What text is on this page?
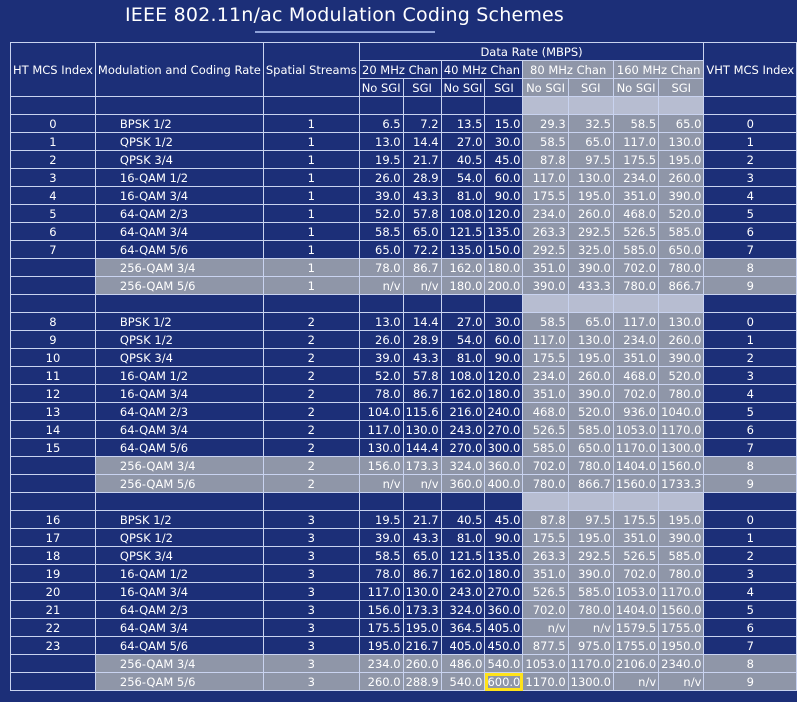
IEEE 802.11n/ac Modulation Coding Schemes
HT MCS Index	Modulation and Coding Rate	Spatial Streams	Data Rate (MBPS)								VHT MCS Index
			20 MHz Chan		40 MHz Chan		80 MHz Chan		160 MHz Chan		
			No SGI	SGI	No SGI	SGI	No SGI	SGI	No SGI	SGI	

0	BPSK 1/2	1	6.5	7.2	13.5	15.0	29.3	32.5	58.5	65.0	0
1	QPSK 1/2	1	13.0	14.4	27.0	30.0	58.5	65.0	117.0	130.0	1
2	QPSK 3/4	1	19.5	21.7	40.5	45.0	87.8	97.5	175.5	195.0	2
3	16-QAM 1/2	1	26.0	28.9	54.0	60.0	117.0	130.0	234.0	260.0	3
4	16-QAM 3/4	1	39.0	43.3	81.0	90.0	175.5	195.0	351.0	390.0	4
5	64-QAM 2/3	1	52.0	57.8	108.0	120.0	234.0	260.0	468.0	520.0	5
6	64-QAM 3/4	1	58.5	65.0	121.5	135.0	263.3	292.5	526.5	585.0	6
7	64-QAM 5/6	1	65.0	72.2	135.0	150.0	292.5	325.0	585.0	650.0	7
	256-QAM 3/4	1	78.0	86.7	162.0	180.0	351.0	390.0	702.0	780.0	8
	256-QAM 5/6	1	n/v	n/v	180.0	200.0	390.0	433.3	780.0	866.7	9

8	BPSK 1/2	2	13.0	14.4	27.0	30.0	58.5	65.0	117.0	130.0	0
9	QPSK 1/2	2	26.0	28.9	54.0	60.0	117.0	130.0	234.0	260.0	1
10	QPSK 3/4	2	39.0	43.3	81.0	90.0	175.5	195.0	351.0	390.0	2
11	16-QAM 1/2	2	52.0	57.8	108.0	120.0	234.0	260.0	468.0	520.0	3
12	16-QAM 3/4	2	78.0	86.7	162.0	180.0	351.0	390.0	702.0	780.0	4
13	64-QAM 2/3	2	104.0	115.6	216.0	240.0	468.0	520.0	936.0	1040.0	5
14	64-QAM 3/4	2	117.0	130.0	243.0	270.0	526.5	585.0	1053.0	1170.0	6
15	64-QAM 5/6	2	130.0	144.4	270.0	300.0	585.0	650.0	1170.0	1300.0	7
	256-QAM 3/4	2	156.0	173.3	324.0	360.0	702.0	780.0	1404.0	1560.0	8
	256-QAM 5/6	2	n/v	n/v	360.0	400.0	780.0	866.7	1560.0	1733.3	9

16	BPSK 1/2	3	19.5	21.7	40.5	45.0	87.8	97.5	175.5	195.0	0
17	QPSK 1/2	3	39.0	43.3	81.0	90.0	175.5	195.0	351.0	390.0	1
18	QPSK 3/4	3	58.5	65.0	121.5	135.0	263.3	292.5	526.5	585.0	2
19	16-QAM 1/2	3	78.0	86.7	162.0	180.0	351.0	390.0	702.0	780.0	3
20	16-QAM 3/4	3	117.0	130.0	243.0	270.0	526.5	585.0	1053.0	1170.0	4
21	64-QAM 2/3	3	156.0	173.3	324.0	360.0	702.0	780.0	1404.0	1560.0	5
22	64-QAM 3/4	3	175.5	195.0	364.5	405.0	n/v	n/v	1579.5	1755.0	6
23	64-QAM 5/6	3	195.0	216.7	405.0	450.0	877.5	975.0	1755.0	1950.0	7
	256-QAM 3/4	3	234.0	260.0	486.0	540.0	1053.0	1170.0	2106.0	2340.0	8
	256-QAM 5/6	3	260.0	288.9	540.0	600.0	1170.0	1300.0	n/v	n/v	9
